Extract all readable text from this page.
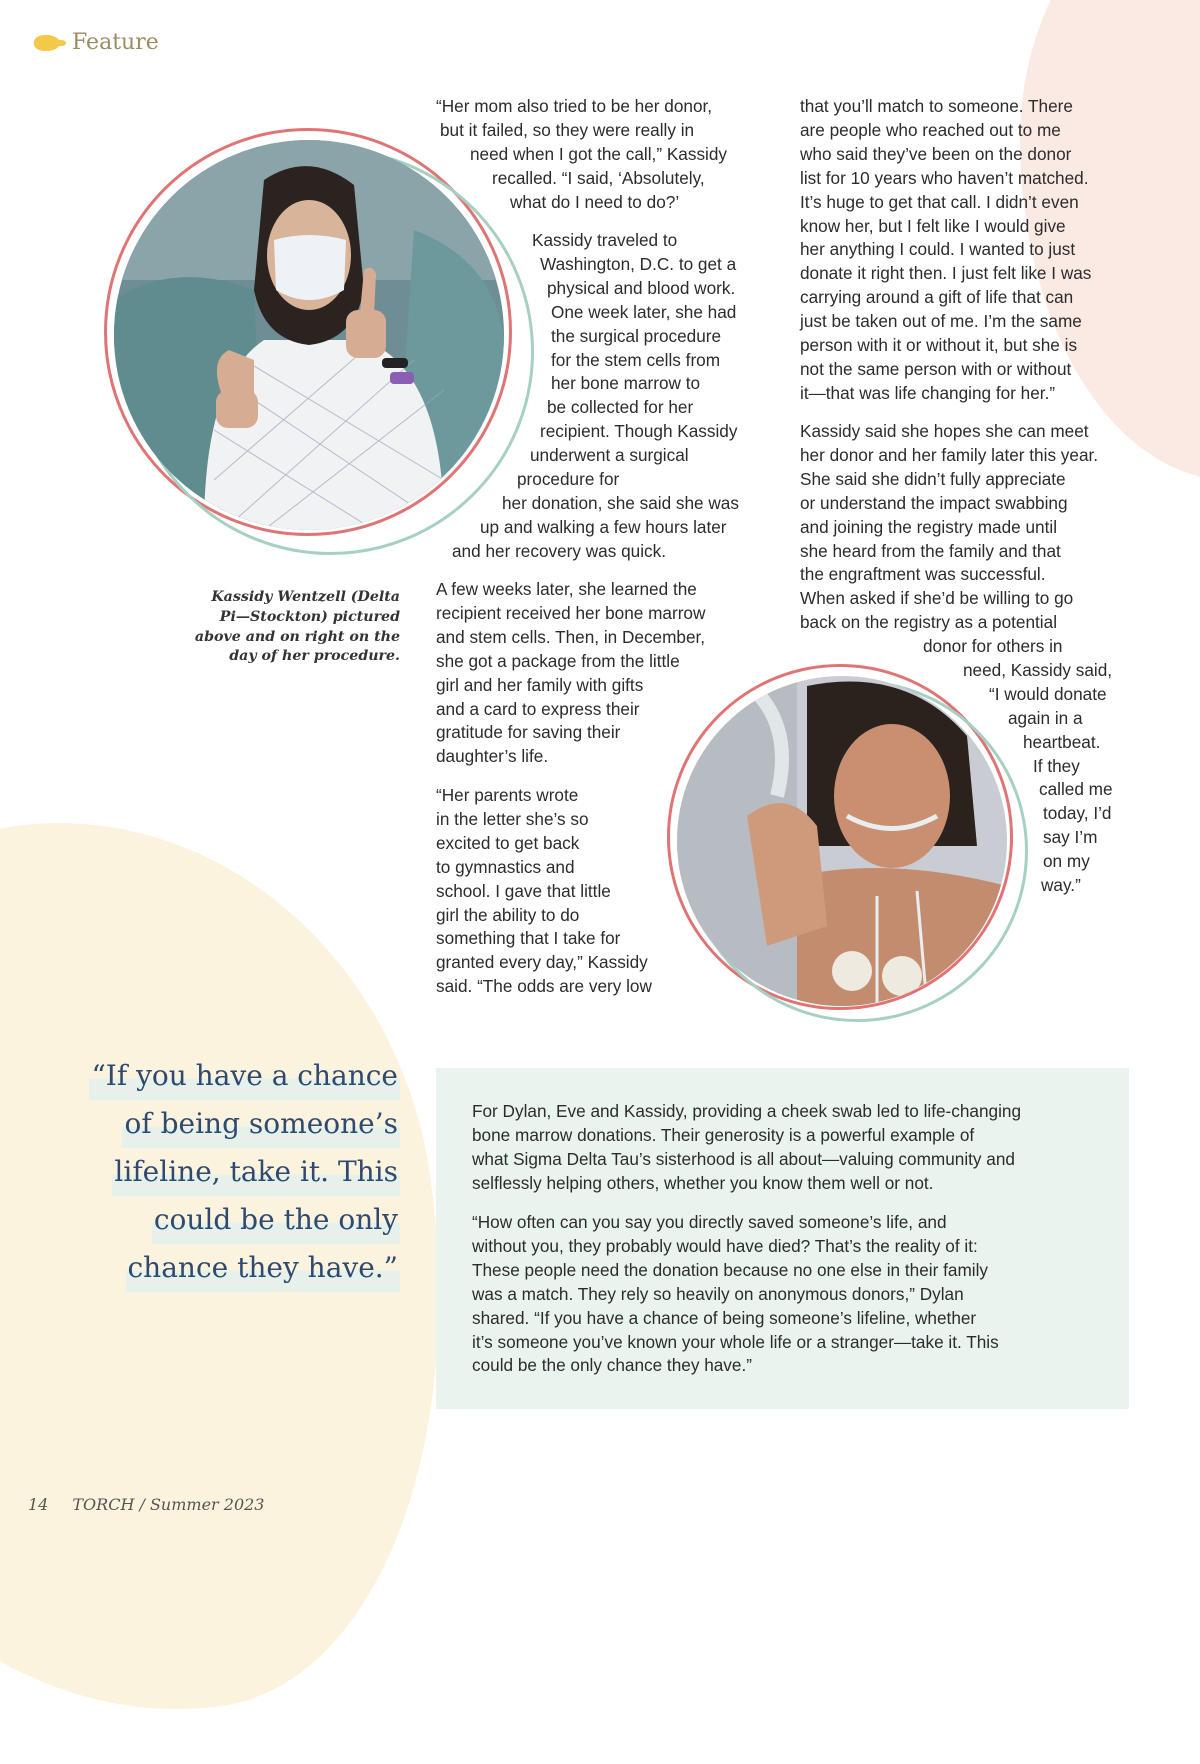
Feature
“Her mom also tried to be her donor,
but it failed, so they were really in
need when I got the call,” Kassidy
recalled. “I said, ‘Absolutely,
what do I need to do?’
Kassidy traveled to
Washington, D.C. to get a
physical and blood work.
One week later, she had
the surgical procedure
for the stem cells from
her bone marrow to
be collected for her
recipient. Though Kassidy
underwent a surgical
procedure for
her donation, she said she was
up and walking a few hours later
and her recovery was quick.
A few weeks later, she learned the
recipient received her bone marrow
and stem cells. Then, in December,
she got a package from the little
girl and her family with gifts
and a card to express their
gratitude for saving their
daughter’s life.
“Her parents wrote
in the letter she’s so
excited to get back
to gymnastics and
school. I gave that little
girl the ability to do
something that I take for
granted every day,” Kassidy
said. “The odds are very low
that you’ll match to someone. There
are people who reached out to me
who said they’ve been on the donor
list for 10 years who haven’t matched.
It’s huge to get that call. I didn’t even
know her, but I felt like I would give
her anything I could. I wanted to just
donate it right then. I just felt like I was
carrying around a gift of life that can
just be taken out of me. I’m the same
person with it or without it, but she is
not the same person with or without
it—that was life changing for her.”
Kassidy said she hopes she can meet
her donor and her family later this year.
She said she didn’t fully appreciate
or understand the impact swabbing
and joining the registry made until
she heard from the family and that
the engraftment was successful.
When asked if she’d be willing to go
back on the registry as a potential
donor for others in
need, Kassidy said,
“I would donate
again in a
heartbeat.
If they
called me
today, I’d
say I’m
on my
way.”
Kassidy Wentzell (Delta
Pi—Stockton) pictured
above and on right on the
day of her procedure.
“If you have a chance
of being someone’s
lifeline, take it. This
could be the only
chance they have.”
For Dylan, Eve and Kassidy, providing a cheek swab led to life-changing
bone marrow donations. Their generosity is a powerful example of
what Sigma Delta Tau’s sisterhood is all about—valuing community and
selflessly helping others, whether you know them well or not.
“How often can you say you directly saved someone’s life, and
without you, they probably would have died? That’s the reality of it:
These people need the donation because no one else in their family
was a match. They rely so heavily on anonymous donors,” Dylan
shared. “If you have a chance of being someone’s lifeline, whether
it’s someone you’ve known your whole life or a stranger—take it. This
could be the only chance they have.”
14 TORCH / Summer 2023
